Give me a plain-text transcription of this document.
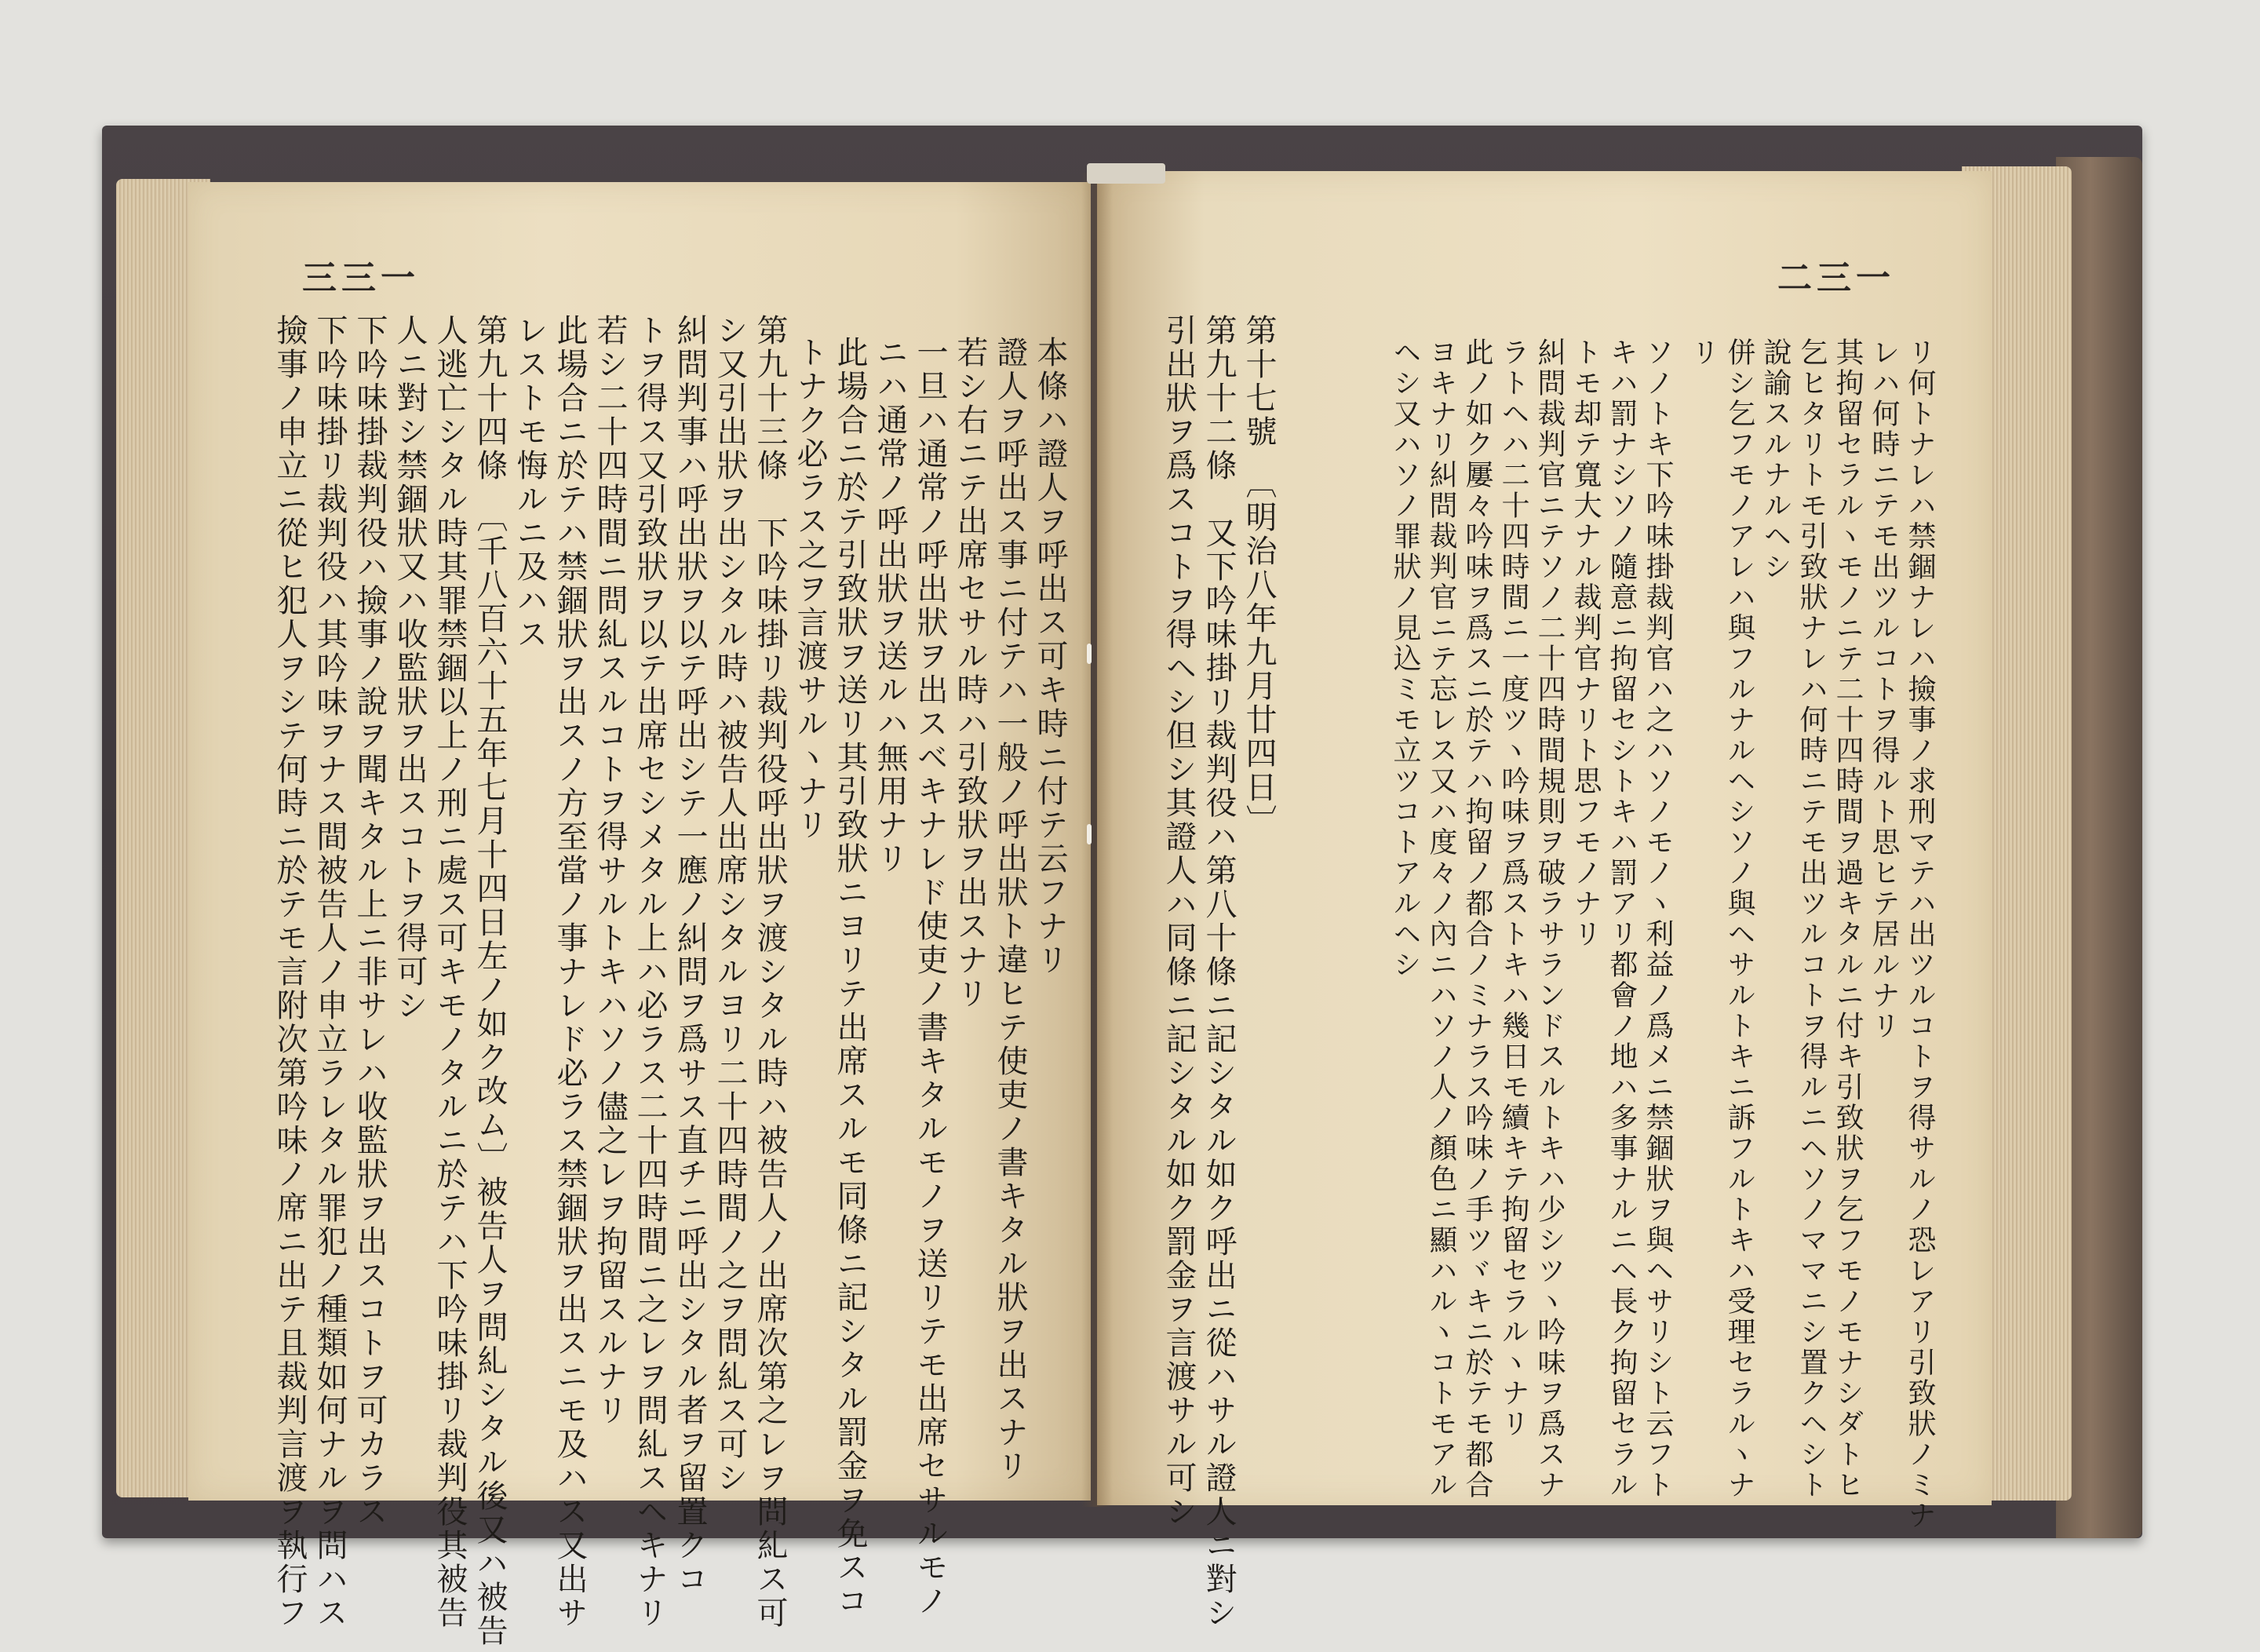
三三一	二三一
本條ハ證人ヲ呼出ス可キ時ニ付テ云フナリ
證人ヲ呼出ス事ニ付テハ一般ノ呼出狀ト違ヒテ使吏ノ書キタル狀ヲ出スナリ
若シ右ニテ出席セサル時ハ引致狀ヲ出スナリ
一旦ハ通常ノ呼出狀ヲ出スベキナレド使吏ノ書キタルモノヲ送リテモ出席セサルモノ
ニハ通常ノ呼出狀ヲ送ルハ無用ナリ
此場合ニ於テ引致狀ヲ送リ其引致狀ニヨリテ出席スルモ同條ニ記シタル罰金ヲ免スコ
トナク必ラス之ヲ言渡サルヽナリ
第九十三條　下吟味掛リ裁判役呼出狀ヲ渡シタル時ハ被告人ノ出席次第之レヲ問糺ス可
シ又引出狀ヲ出シタル時ハ被告人出席シタルヨリ二十四時間ノ之ヲ問糺ス可シ
糾問判事ハ呼出狀ヲ以テ呼出シテ一應ノ糾問ヲ爲サス直チニ呼出シタル者ヲ留置クコ
トヲ得ス又引致狀ヲ以テ出席セシメタル上ハ必ラス二十四時間ニ之レヲ問糺スヘキナリ
若シ二十四時間ニ問糺スルコトヲ得サルトキハソノ儘之レヲ拘留スルナリ
此場合ニ於テハ禁錮狀ヲ出スノ方至當ノ事ナレド必ラス禁錮狀ヲ出スニモ及ハス又出サ
レストモ悔ルニ及ハス
第九十四條　〔千八百六十五年七月十四日左ノ如ク改ム〕被告人ヲ問糺シタル後又ハ被告
人逃亡シタル時其罪禁錮以上ノ刑ニ處ス可キモノタルニ於テハ下吟味掛リ裁判役其被告
人ニ對シ禁錮狀又ハ收監狀ヲ出スコトヲ得可シ
下吟味掛裁判役ハ撿事ノ說ヲ聞キタル上ニ非サレハ收監狀ヲ出スコトヲ可カラス
下吟味掛リ裁判役ハ其吟味ヲナス間被告人ノ申立ラレタル罪犯ノ種類如何ナルヲ問ハス
撿事ノ申立ニ從ヒ犯人ヲシテ何時ニ於テモ言附次第吟味ノ席ニ出テ且裁判言渡ヲ執行フ	リ何トナレハ禁錮ナレハ撿事ノ求刑マテハ出ツルコトヲ得サルノ恐レアリ引致狀ノミナ
レハ何時ニテモ出ツルコトヲ得ルト思ヒテ居ルナリ
其拘留セラルヽモノニテ二十四時間ヲ過キタルニ付キ引致狀ヲ乞フモノモナシダトヒ
乞ヒタリトモ引致狀ナレハ何時ニテモ出ツルコトヲ得ルニヘソノママニシ置クヘシト
說諭スルナルヘシ
併シ乞フモノアレハ與フルナルヘシソノ與ヘサルトキニ訴フルトキハ受理セラルヽナ
リ
ソノトキ下吟味掛裁判官ハ之ハソノモノヽ利益ノ爲メニ禁錮狀ヲ與ヘサリシト云フト
キハ罰ナシソノ隨意ニ拘留セシトキハ罰アリ都會ノ地ハ多事ナルニヘ長ク拘留セラル
トモ却テ寬大ナル裁判官ナリト思フモノナリ
糾問裁判官ニテソノ二十四時間規則ヲ破ラサランドスルトキハ少シツヽ吟味ヲ爲スナ
ラトヘハ二十四時間ニ一度ツヽ吟味ヲ爲ストキハ幾日モ續キテ拘留セラルヽナリ
此ノ如ク屢々吟味ヲ爲スニ於テハ拘留ノ都合ノミナラス吟味ノ手ツヾキニ於テモ都合
ヨキナリ糾問裁判官ニテ忘レス又ハ度々ノ內ニハソノ人ノ顏色ニ顯ハルヽコトモアル
ヘシ又ハソノ罪狀ノ見込ミモ立ツコトアルヘシ
第十七號　〔明治八年九月廿四日〕
第九十二條　又下吟味掛リ裁判役ハ第八十條ニ記シタル如ク呼出ニ從ハサル證人ニ對シ
引出狀ヲ爲スコトヲ得ヘシ但シ其證人ハ同條ニ記シタル如ク罰金ヲ言渡サル可シ
